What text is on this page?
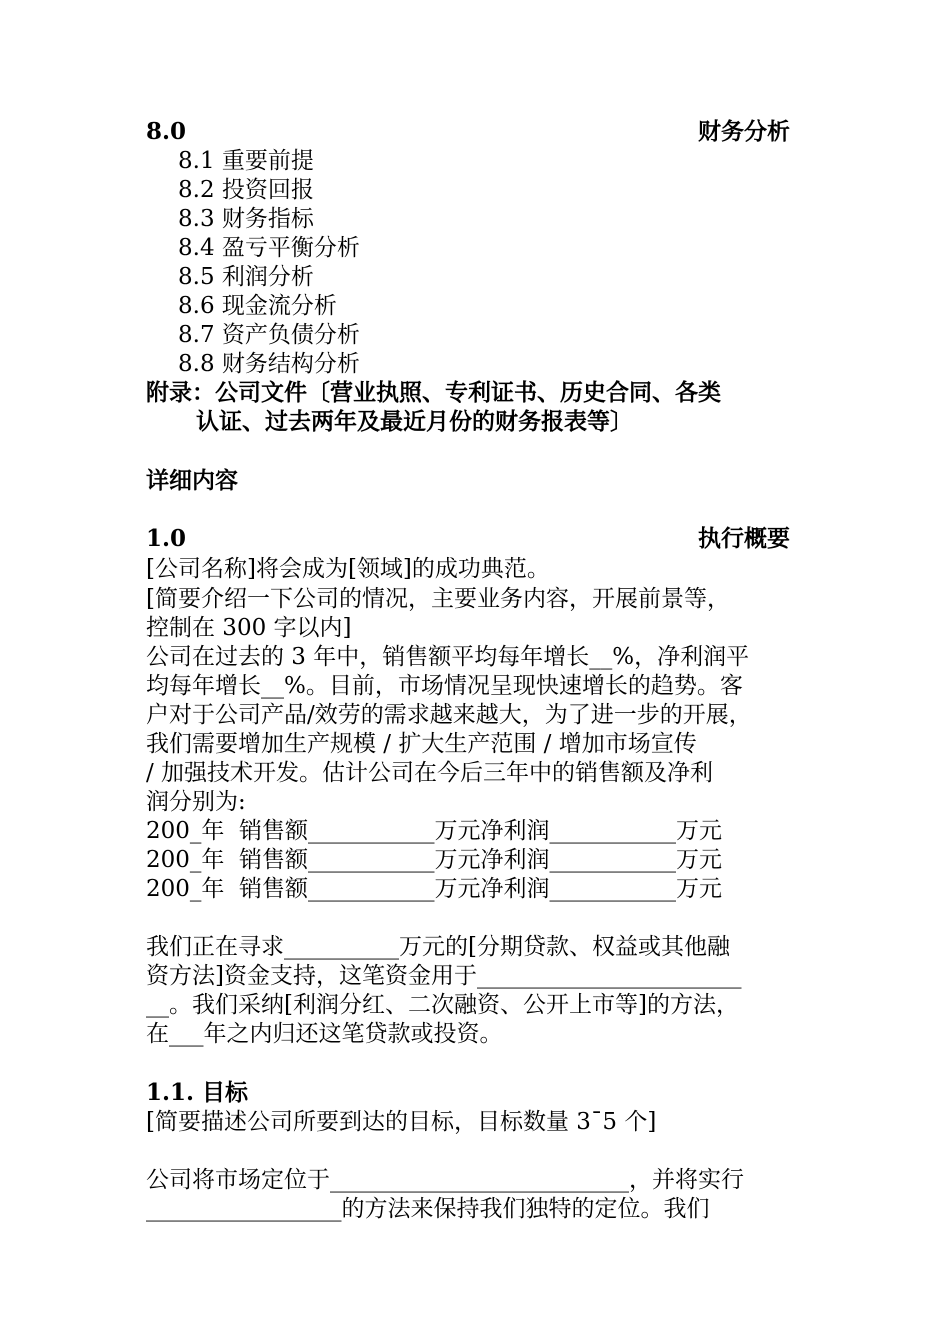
8.0	财务分析
8.1 重要前提
8.2 投资回报
8.3 财务指标
8.4 盈亏平衡分析
8.5 利润分析
8.6 现金流分析
8.7 资产负债分析
8.8 财务结构分析
附录：公司文件〔营业执照、专利证书、历史合同、各类
认证、过去两年及最近月份的财务报表等〕
详细内容
1.0	执行概要
[公司名称]将会成为[领域]的成功典范。
[简要介绍一下公司的情况，主要业务内容，开展前景等，
控制在 300 字以内]
公司在过去的 3 年中，销售额平均每年增长__%，净利润平
均每年增长__%。目前，市场情况呈现快速增长的趋势。客
户对于公司产品/效劳的需求越来越大，为了进一步的开展，
我们需要增加生产规模 / 扩大生产范围 / 增加市场宣传
/ 加强技术开发。估计公司在今后三年中的销售额及净利
润分别为:
200_年  销售额___________万元净利润___________万元
200_年  销售额___________万元净利润___________万元
200_年  销售额___________万元净利润___________万元
我们正在寻求__________万元的[分期贷款、权益或其他融
资方法]资金支持，这笔资金用于_______________________
__。我们采纳[利润分红、二次融资、公开上市等]的方法，
在___年之内归还这笔贷款或投资。
1.1. 目标
[简要描述公司所要到达的目标，目标数量 3¯5 个]
公司将市场定位于__________________________，并将实行
_________________的方法来保持我们独特的定位。我们
